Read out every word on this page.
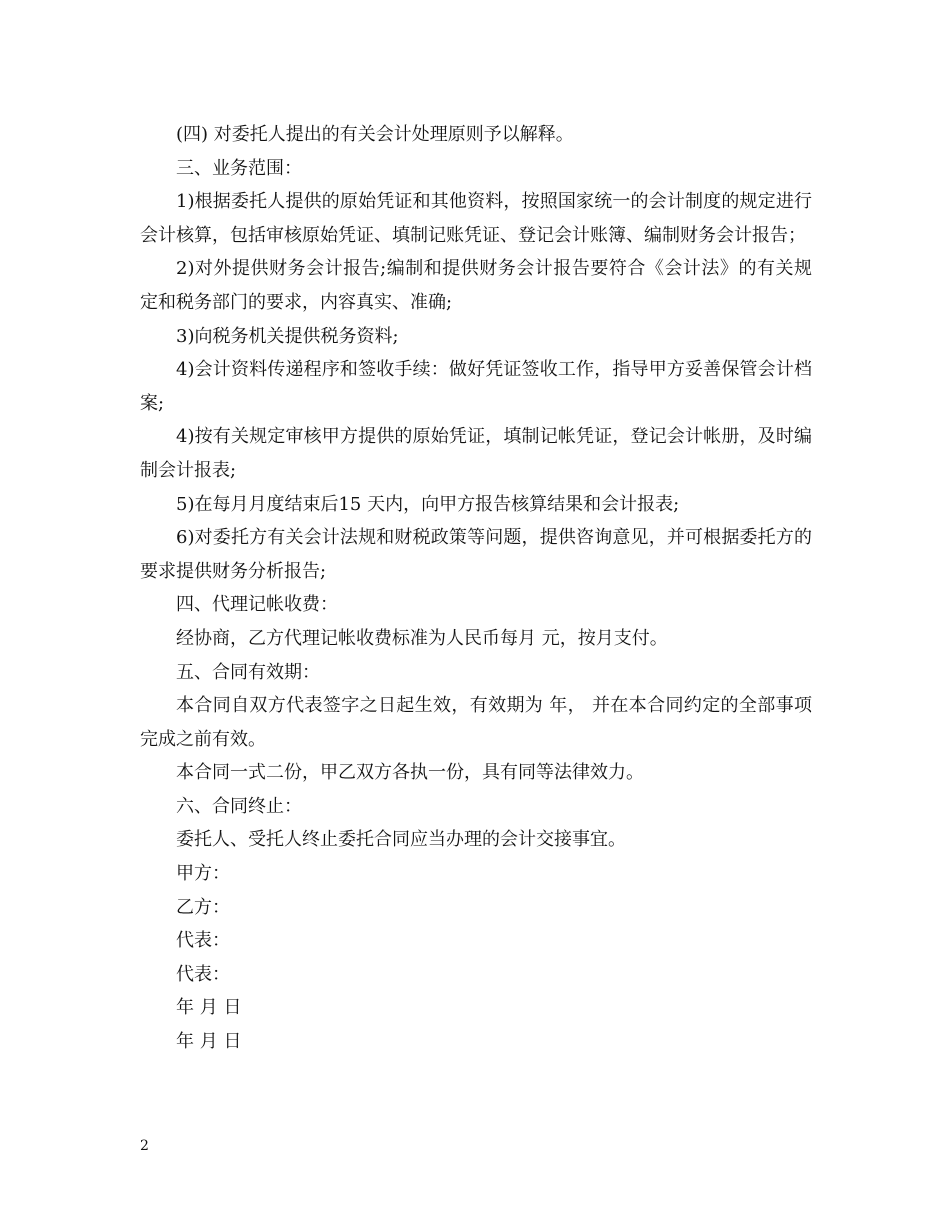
(四) 对委托人提出的有关会计处理原则予以解释。

三、业务范围：

1)根据委托人提供的原始凭证和其他资料，按照国家统一的会计制度的规定进行会计核算，包括审核原始凭证、填制记账凭证、登记会计账簿、编制财务会计报告；

2)对外提供财务会计报告;编制和提供财务会计报告要符合《会计法》的有关规定和税务部门的要求，内容真实、准确;

3)向税务机关提供税务资料;

4)会计资料传递程序和签收手续：做好凭证签收工作，指导甲方妥善保管会计档案;

4)按有关规定审核甲方提供的原始凭证，填制记帐凭证，登记会计帐册，及时编制会计报表;

5)在每月月度结束后15 天内，向甲方报告核算结果和会计报表;

6)对委托方有关会计法规和财税政策等问题，提供咨询意见，并可根据委托方的要求提供财务分析报告;

四、代理记帐收费：

经协商，乙方代理记帐收费标准为人民币每月 元，按月支付。

五、合同有效期：

本合同自双方代表签字之日起生效，有效期为 年， 并在本合同约定的全部事项完成之前有效。

本合同一式二份，甲乙双方各执一份，具有同等法律效力。

六、合同终止：

委托人、受托人终止委托合同应当办理的会计交接事宜。

甲方：

乙方：

代表：

代表：

年 月 日

年 月 日

2
